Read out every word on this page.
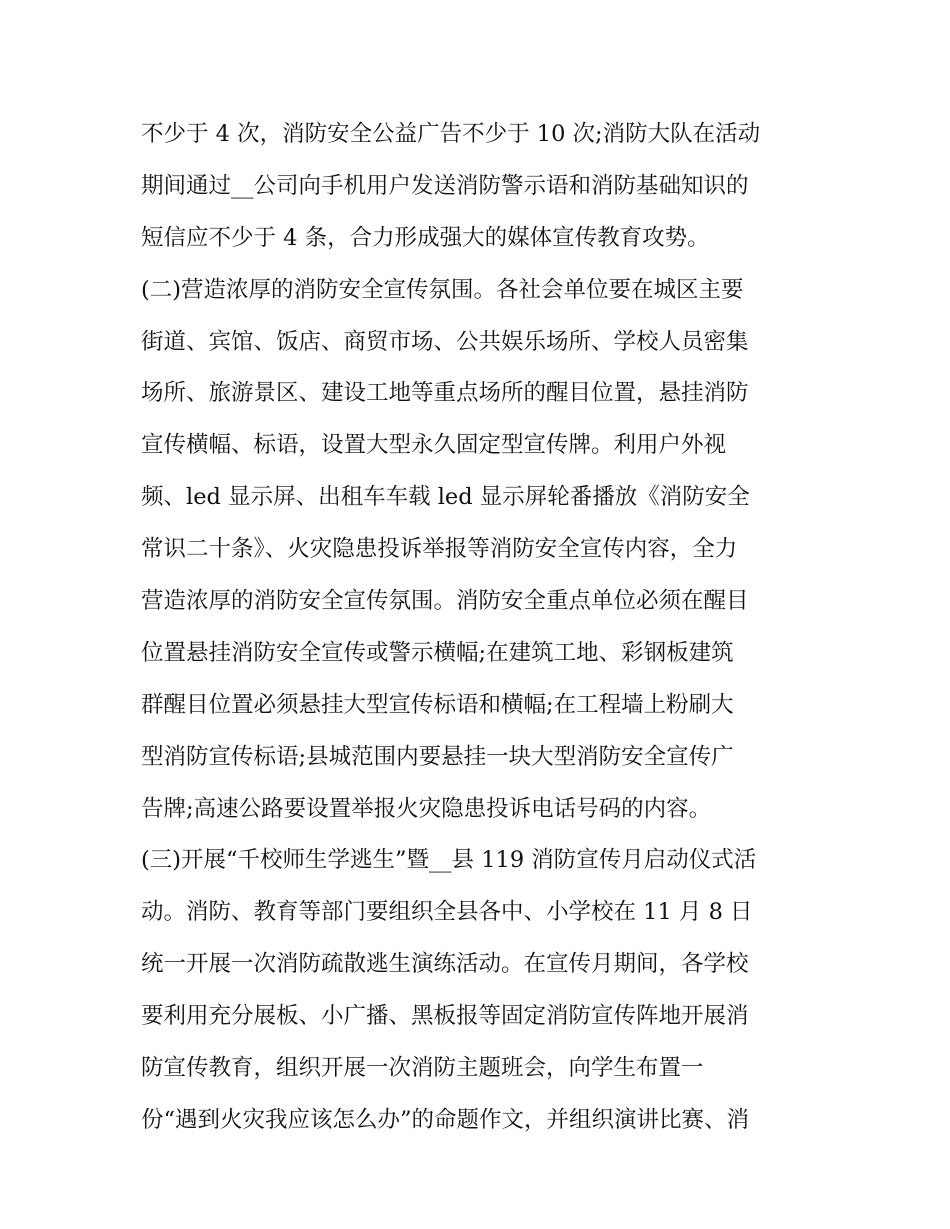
不少于 4 次，消防安全公益广告不少于 10 次;消防大队在活动
期间通过__公司向手机用户发送消防警示语和消防基础知识的
短信应不少于 4 条，合力形成强大的媒体宣传教育攻势。
(二)营造浓厚的消防安全宣传氛围。各社会单位要在城区主要
街道、宾馆、饭店、商贸市场、公共娱乐场所、学校人员密集
场所、旅游景区、建设工地等重点场所的醒目位置，悬挂消防
宣传横幅、标语，设置大型永久固定型宣传牌。利用户外视
频、led 显示屏、出租车车载 led 显示屏轮番播放《消防安全
常识二十条》、火灾隐患投诉举报等消防安全宣传内容，全力
营造浓厚的消防安全宣传氛围。消防安全重点单位必须在醒目
位置悬挂消防安全宣传或警示横幅;在建筑工地、彩钢板建筑
群醒目位置必须悬挂大型宣传标语和横幅;在工程墙上粉刷大
型消防宣传标语;县城范围内要悬挂一块大型消防安全宣传广
告牌;高速公路要设置举报火灾隐患投诉电话号码的内容。
(三)开展“千校师生学逃生”暨__县 119 消防宣传月启动仪式活
动。消防、教育等部门要组织全县各中、小学校在 11 月 8 日
统一开展一次消防疏散逃生演练活动。在宣传月期间，各学校
要利用充分展板、小广播、黑板报等固定消防宣传阵地开展消
防宣传教育，组织开展一次消防主题班会，向学生布置一
份“遇到火灾我应该怎么办”的命题作文，并组织演讲比赛、消
